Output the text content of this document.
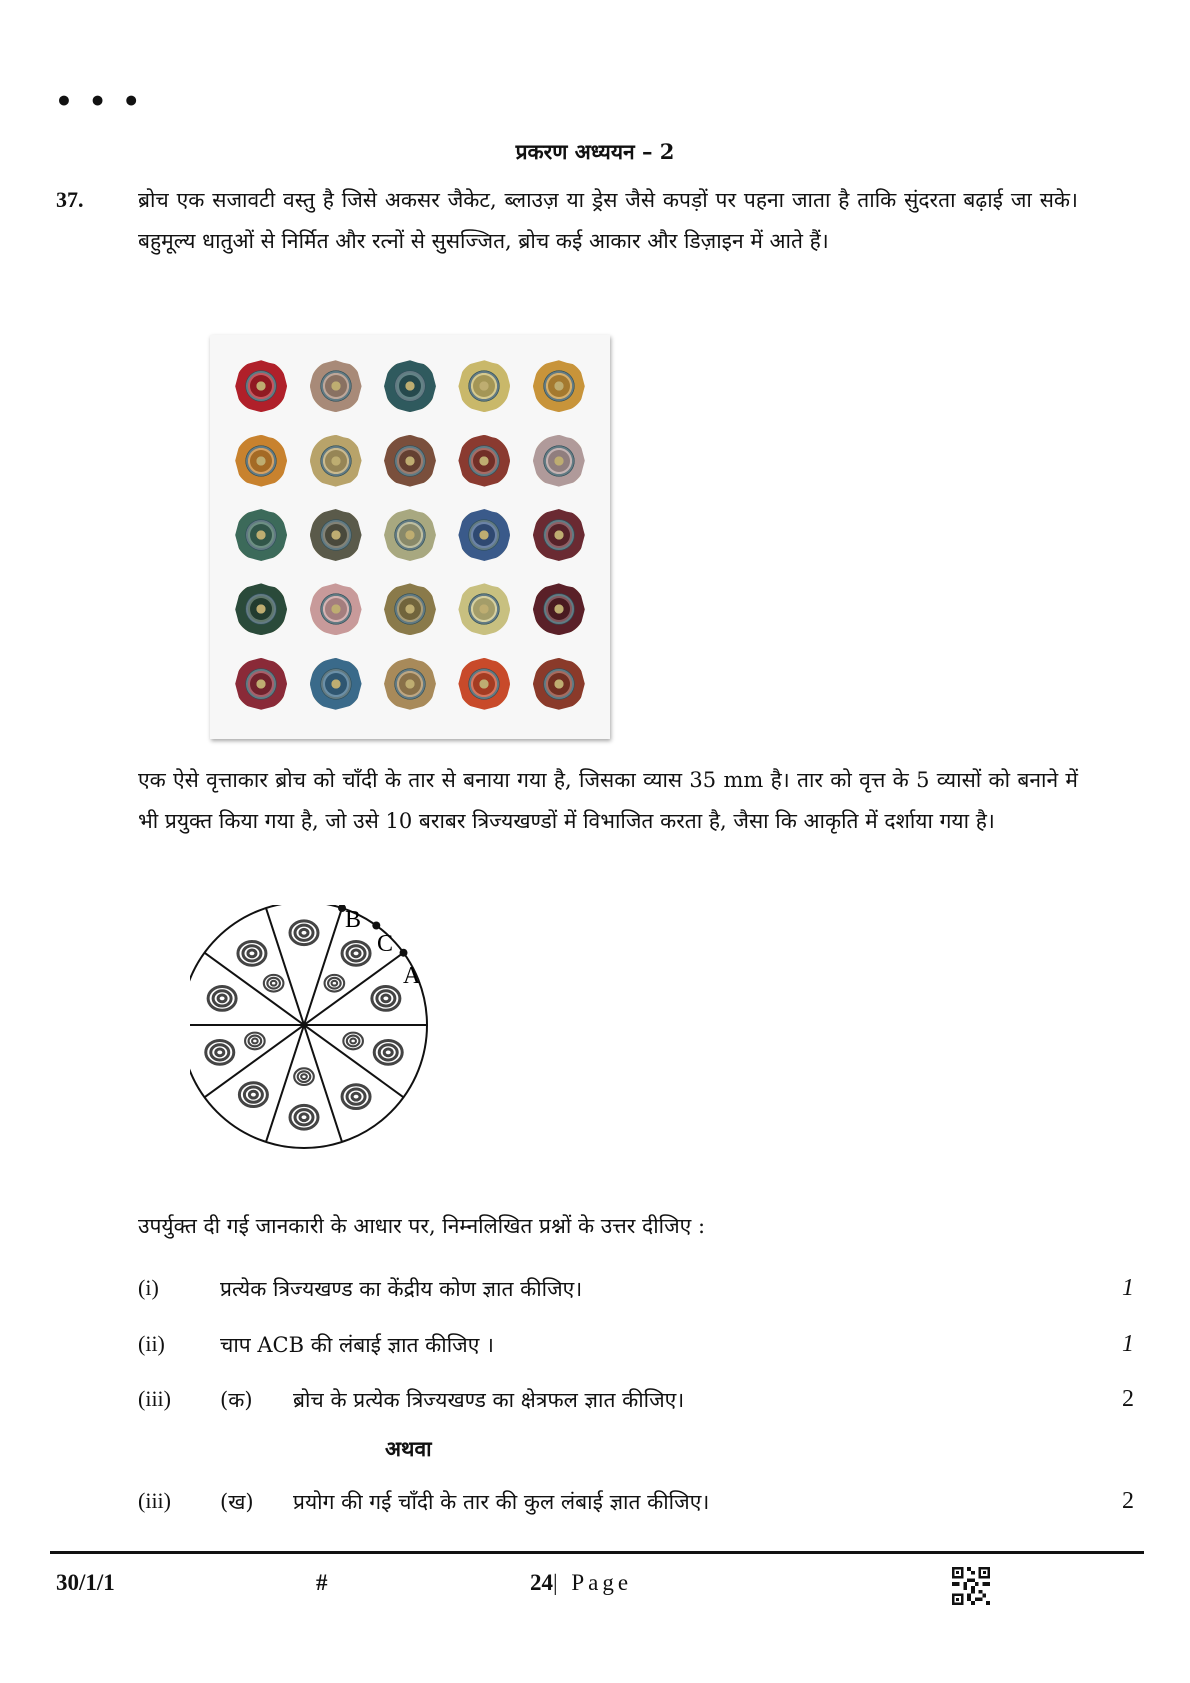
• • •
प्रकरण अध्ययन – 2
37.	ब्रोच एक सजावटी वस्तु है जिसे अकसर जैकेट, ब्लाउज़ या ड्रेस जैसे कपड़ों पर पहना जाता है ताकि सुंदरता बढ़ाई जा सके। बहुमूल्य धातुओं से निर्मित और रत्नों से सुसज्जित, ब्रोच कई आकार और डिज़ाइन में आते हैं।
एक ऐसे वृत्ताकार ब्रोच को चाँदी के तार से बनाया गया है, जिसका व्यास 35 mm है। तार को वृत्त के 5 व्यासों को बनाने में भी प्रयुक्त किया गया है, जो उसे 10 बराबर त्रिज्यखण्डों में विभाजित करता है, जैसा कि आकृति में दर्शाया गया है।
B
C
A
उपर्युक्त दी गई जानकारी के आधार पर, निम्नलिखित प्रश्नों के उत्तर दीजिए :
(i)	प्रत्येक त्रिज्यखण्ड का केंद्रीय कोण ज्ञात कीजिए।	1
(ii)	चाप ACB की लंबाई ज्ञात कीजिए ।	1
(iii) (क) ब्रोच के प्रत्येक त्रिज्यखण्ड का क्षेत्रफल ज्ञात कीजिए।	2
अथवा
(iii) (ख) प्रयोग की गई चाँदी के तार की कुल लंबाई ज्ञात कीजिए।	2
30/1/1	#	24| Page
